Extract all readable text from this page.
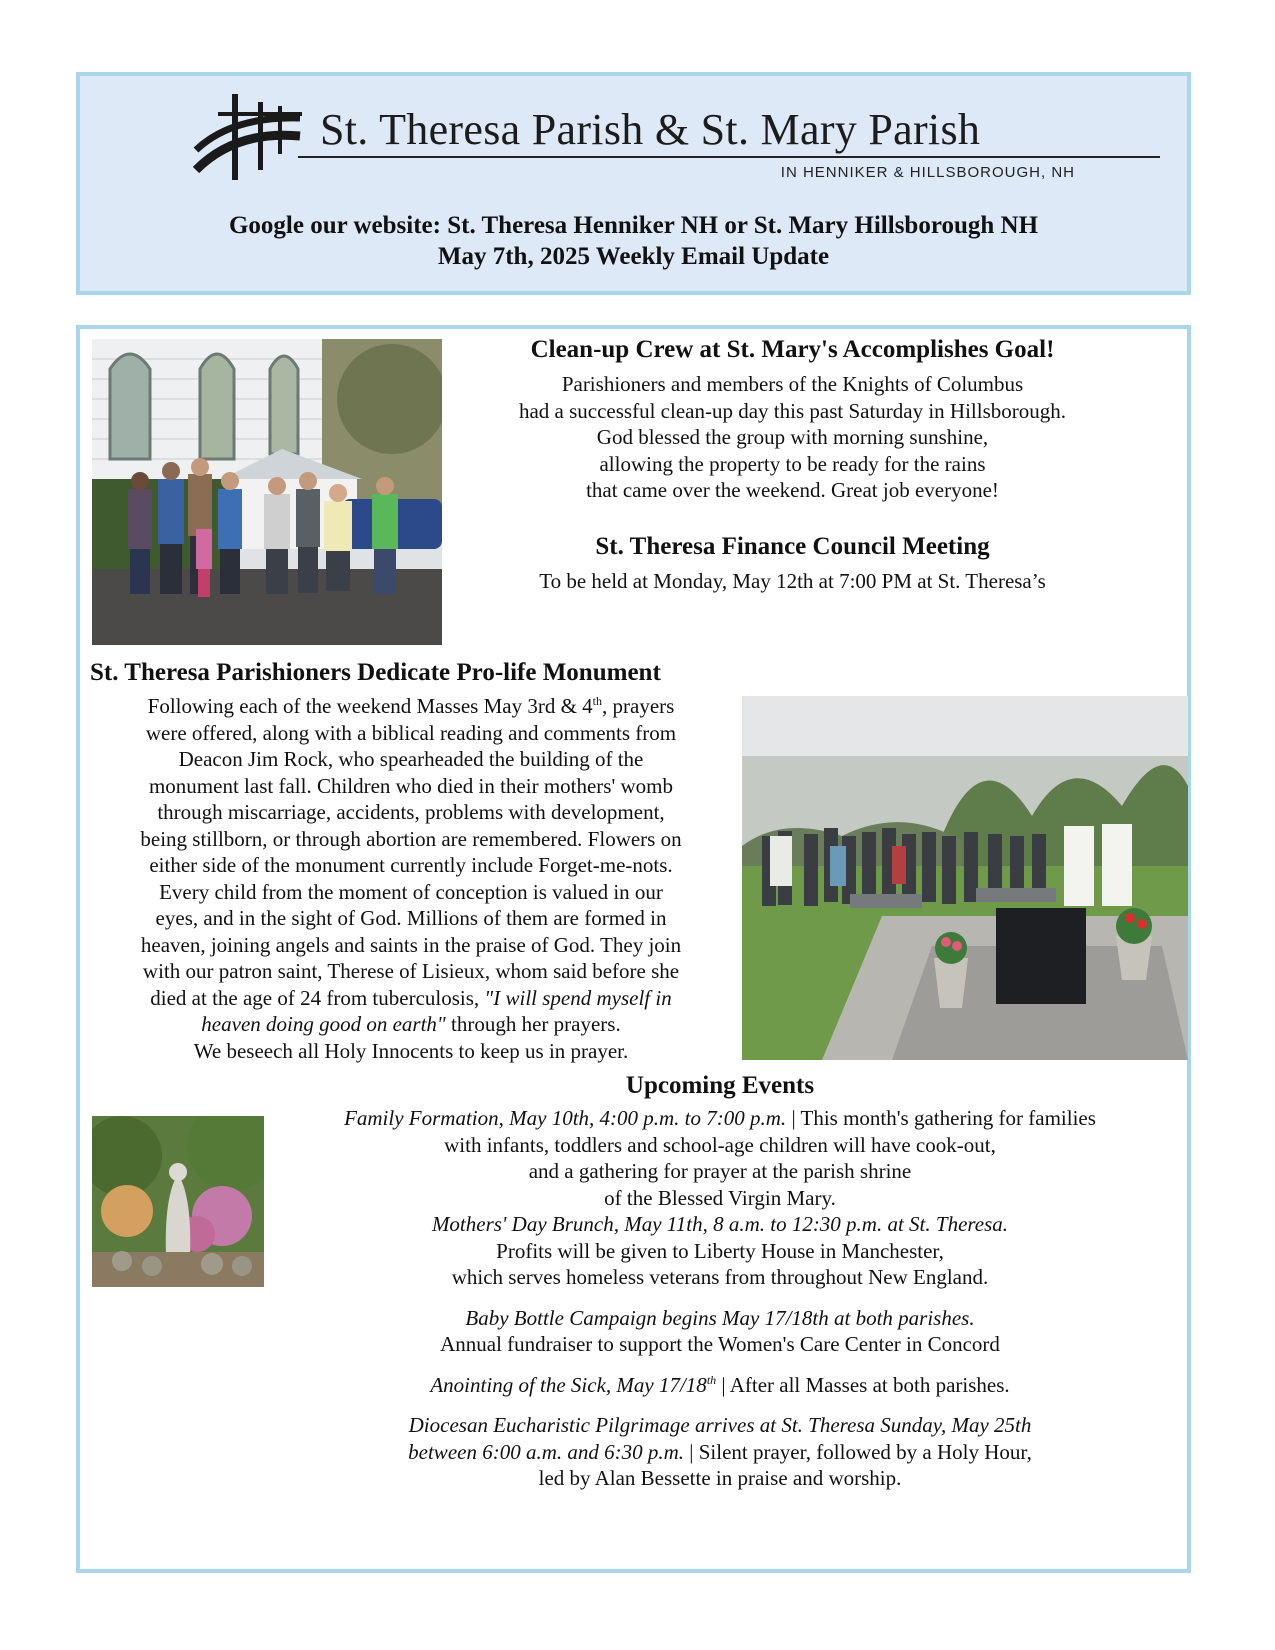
St. Theresa Parish & St. Mary Parish
IN HENNIKER & HILLSBOROUGH, NH
Google our website: St. Theresa Henniker NH or St. Mary Hillsborough NH
May 7th, 2025 Weekly Email Update
Clean-up Crew at St. Mary's Accomplishes Goal!

Parishioners and members of the Knights of Columbus

had a successful clean-up day this past Saturday in Hillsborough.

God blessed the group with morning sunshine,

allowing the property to be ready for the rains

that came over the weekend. Great job everyone!

St. Theresa Finance Council Meeting
To be held at Monday, May 12th at 7:00 PM at St. Theresa’s
St. Theresa Parishioners Dedicate Pro-life Monument

Following each of the weekend Masses May 3rd & 4th, prayers

were offered, along with a biblical reading and comments from

Deacon Jim Rock, who spearheaded the building of the

monument last fall. Children who died in their mothers' womb

through miscarriage, accidents, problems with development,

being stillborn, or through abortion are remembered. Flowers on

either side of the monument currently include Forget-me-nots.

Every child from the moment of conception is valued in our

eyes, and in the sight of God. Millions of them are formed in

heaven, joining angels and saints in the praise of God. They join

with our patron saint, Therese of Lisieux, whom said before she

died at the age of 24 from tuberculosis, "I will spend myself in

heaven doing good on earth" through her prayers.

We beseech all Holy Innocents to keep us in prayer.

Upcoming Events

Family Formation, May 10th, 4:00 p.m. to 7:00 p.m. | This month's gathering for families

with infants, toddlers and school-age children will have cook-out,

and a gathering for prayer at the parish shrine

of the Blessed Virgin Mary.

Mothers' Day Brunch, May 11th, 8 a.m. to 12:30 p.m. at St. Theresa.

Profits will be given to Liberty House in Manchester,

which serves homeless veterans from throughout New England.

Baby Bottle Campaign begins May 17/18th at both parishes.

Annual fundraiser to support the Women's Care Center in Concord

Anointing of the Sick, May 17/18th | After all Masses at both parishes.

Diocesan Eucharistic Pilgrimage arrives at St. Theresa Sunday, May 25th

between 6:00 a.m. and 6:30 p.m. | Silent prayer, followed by a Holy Hour,

led by Alan Bessette in praise and worship.
